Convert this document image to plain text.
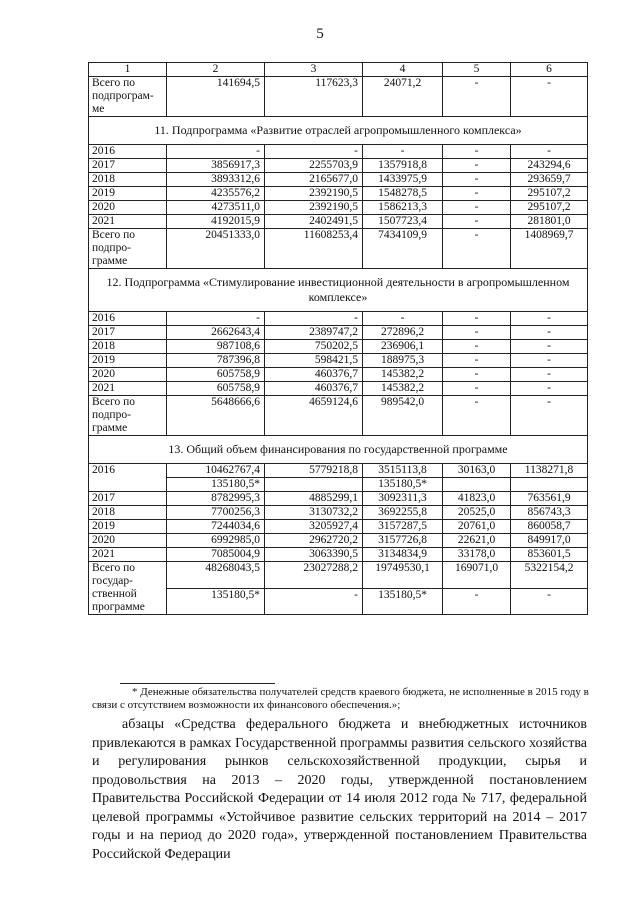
5
1	2	3	4	5	6
Всего по подпрограм-ме	141694,5	117623,3	24071,2	-	-
11. Подпрограмма «Развитие отраслей агропромышленного комплекса»					
2016	-	-	-	-	-
2017	3856917,3	2255703,9	1357918,8	-	243294,6
2018	3893312,6	2165677,0	1433975,9	-	293659,7
2019	4235576,2	2392190,5	1548278,5	-	295107,2
2020	4273511,0	2392190,5	1586213,3	-	295107,2
2021	4192015,9	2402491,5	1507723,4	-	281801,0
Всего по подпро-грамме	20451333,0	11608253,4	7434109,9	-	1408969,7
12. Подпрограмма «Стимулирование инвестиционной деятельности в агропромышленном комплексе»					
2016	-	-	-	-	-
2017	2662643,4	2389747,2	272896,2	-	-
2018	987108,6	750202,5	236906,1	-	-
2019	787396,8	598421,5	188975,3	-	-
2020	605758,9	460376,7	145382,2	-	-
2021	605758,9	460376,7	145382,2	-	-
Всего по подпро-грамме	5648666,6	4659124,6	989542,0	-	-
13. Общий объем финансирования по государственной программе					
2016	10462767,4	5779218,8	3515113,8	30163,0	1138271,8
	135180,5*		135180,5*		
2017	8782995,3	4885299,1	3092311,3	41823,0	763561,9
2018	7700256,3	3130732,2	3692255,8	20525,0	856743,3
2019	7244034,6	3205927,4	3157287,5	20761,0	860058,7
2020	6992985,0	2962720,2	3157726,8	22621,0	849917,0
2021	7085004,9	3063390,5	3134834,9	33178,0	853601,5
Всего по государ-ственной программе	48268043,5	23027288,2	19749530,1	169071,0	5322154,2
	135180,5*	-	135180,5*	-	-

* Денежные обязательства получателей средств краевого бюджета, не исполненные в 2015 году в связи с отсутствием возможности их финансового обеспечения.»;

абзацы «Средства федерального бюджета и внебюджетных источников привлекаются в рамках Государственной программы развития сельского хозяйства и регулирования рынков сельскохозяйственной продукции, сырья и продовольствия на 2013 – 2020 годы, утвержденной постановлением Правительства Российской Федерации от 14 июля 2012 года № 717, федеральной целевой программы «Устойчивое развитие сельских территорий на 2014 – 2017 годы и на период до 2020 года», утвержденной постановлением Правительства Российской Федерации
